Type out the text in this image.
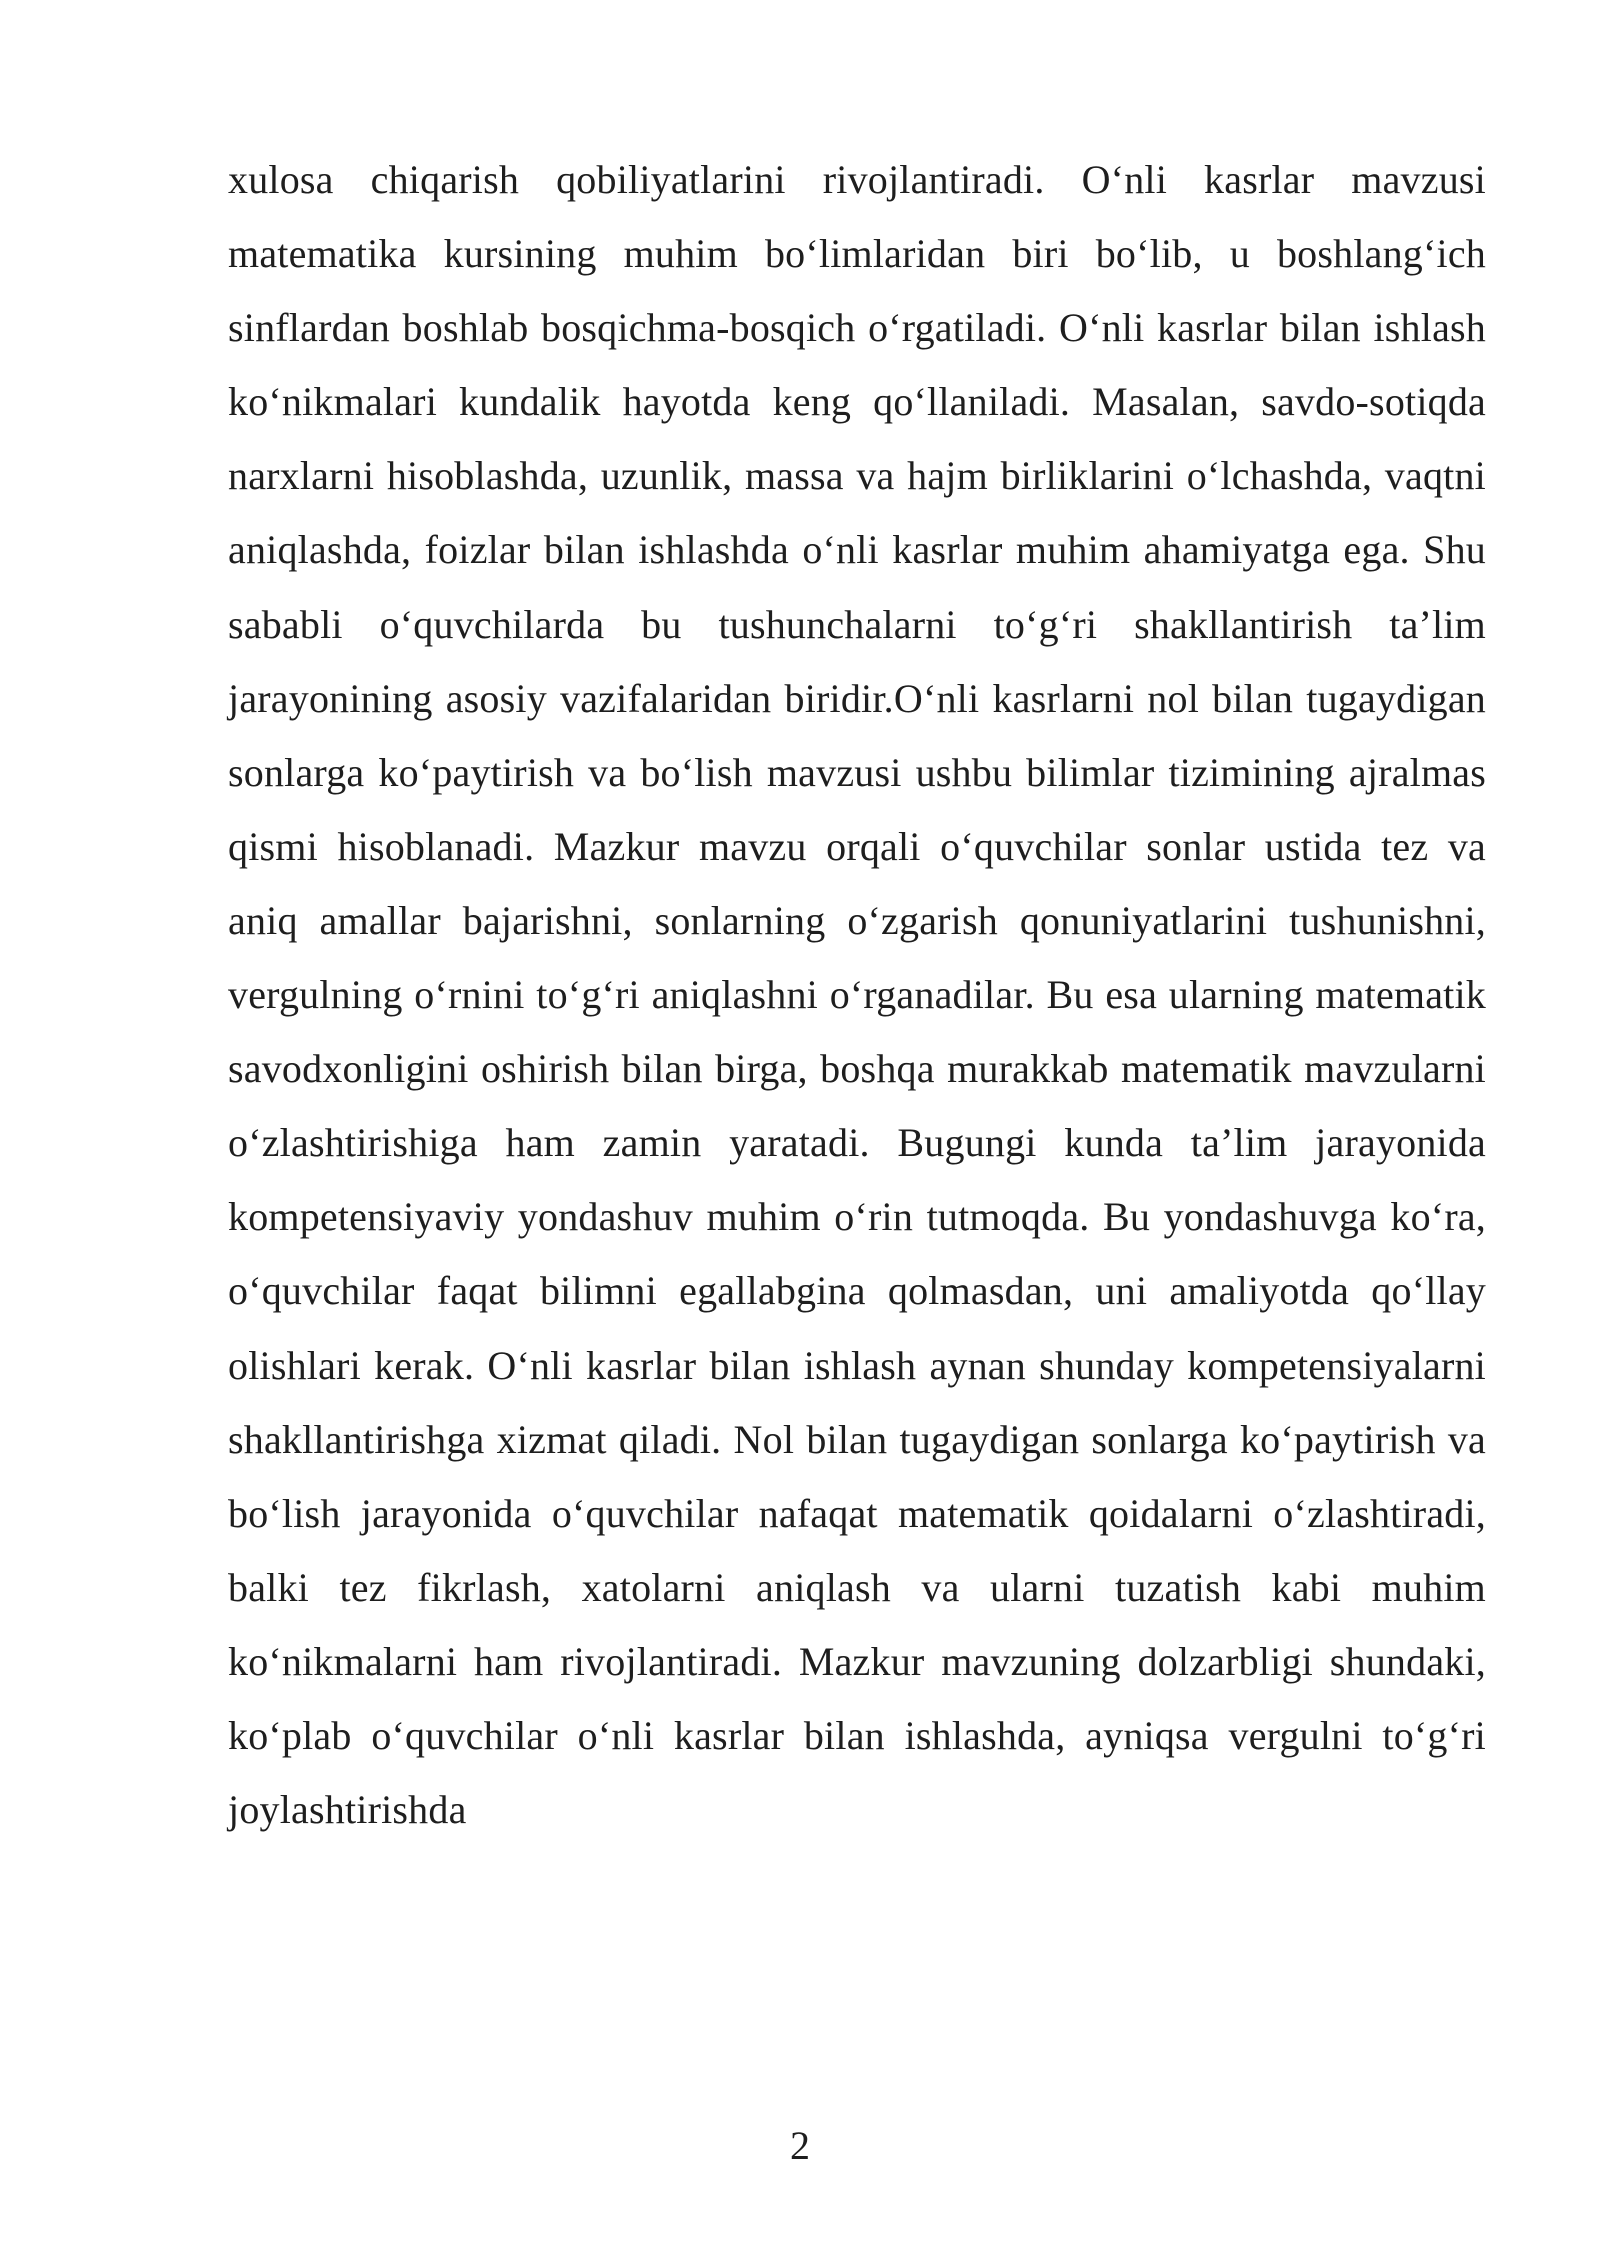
xulosa chiqarish qobiliyatlarini rivojlantiradi. O‘nli kasrlar mavzusi matematika kursining muhim bo‘limlaridan biri bo‘lib, u boshlang‘ich sinflardan boshlab bosqichma-bosqich o‘rgatiladi. O‘nli kasrlar bilan ishlash ko‘nikmalari kundalik hayotda keng qo‘llaniladi. Masalan, savdo-sotiqda narxlarni hisoblashda, uzunlik, massa va hajm birliklarini o‘lchashda, vaqtni aniqlashda, foizlar bilan ishlashda o‘nli kasrlar muhim ahamiyatga ega. Shu sababli o‘quvchilarda bu tushunchalarni to‘g‘ri shakllantirish ta’lim jarayonining asosiy vazifalaridan biridir.O‘nli kasrlarni nol bilan tugaydigan sonlarga ko‘paytirish va bo‘lish mavzusi ushbu bilimlar tizimining ajralmas qismi hisoblanadi. Mazkur mavzu orqali o‘quvchilar sonlar ustida tez va aniq amallar bajarishni, sonlarning o‘zgarish qonuniyatlarini tushunishni, vergulning o‘rnini to‘g‘ri aniqlashni o‘rganadilar. Bu esa ularning matematik savodxonligini oshirish bilan birga, boshqa murakkab matematik mavzularni o‘zlashtirishiga ham zamin yaratadi. Bugungi kunda ta’lim jarayonida kompetensiyaviy yondashuv muhim o‘rin tutmoqda. Bu yondashuvga ko‘ra, o‘quvchilar faqat bilimni egallabgina qolmasdan, uni amaliyotda qo‘llay olishlari kerak. O‘nli kasrlar bilan ishlash aynan shunday kompetensiyalarni shakllantirishga xizmat qiladi. Nol bilan tugaydigan sonlarga ko‘paytirish va bo‘lish jarayonida o‘quvchilar nafaqat matematik qoidalarni o‘zlashtiradi, balki tez fikrlash, xatolarni aniqlash va ularni tuzatish kabi muhim ko‘nikmalarni ham rivojlantiradi. Mazkur mavzuning dolzarbligi shundaki, ko‘plab o‘quvchilar o‘nli kasrlar bilan ishlashda, ayniqsa vergulni to‘g‘ri joylashtirishda

2
